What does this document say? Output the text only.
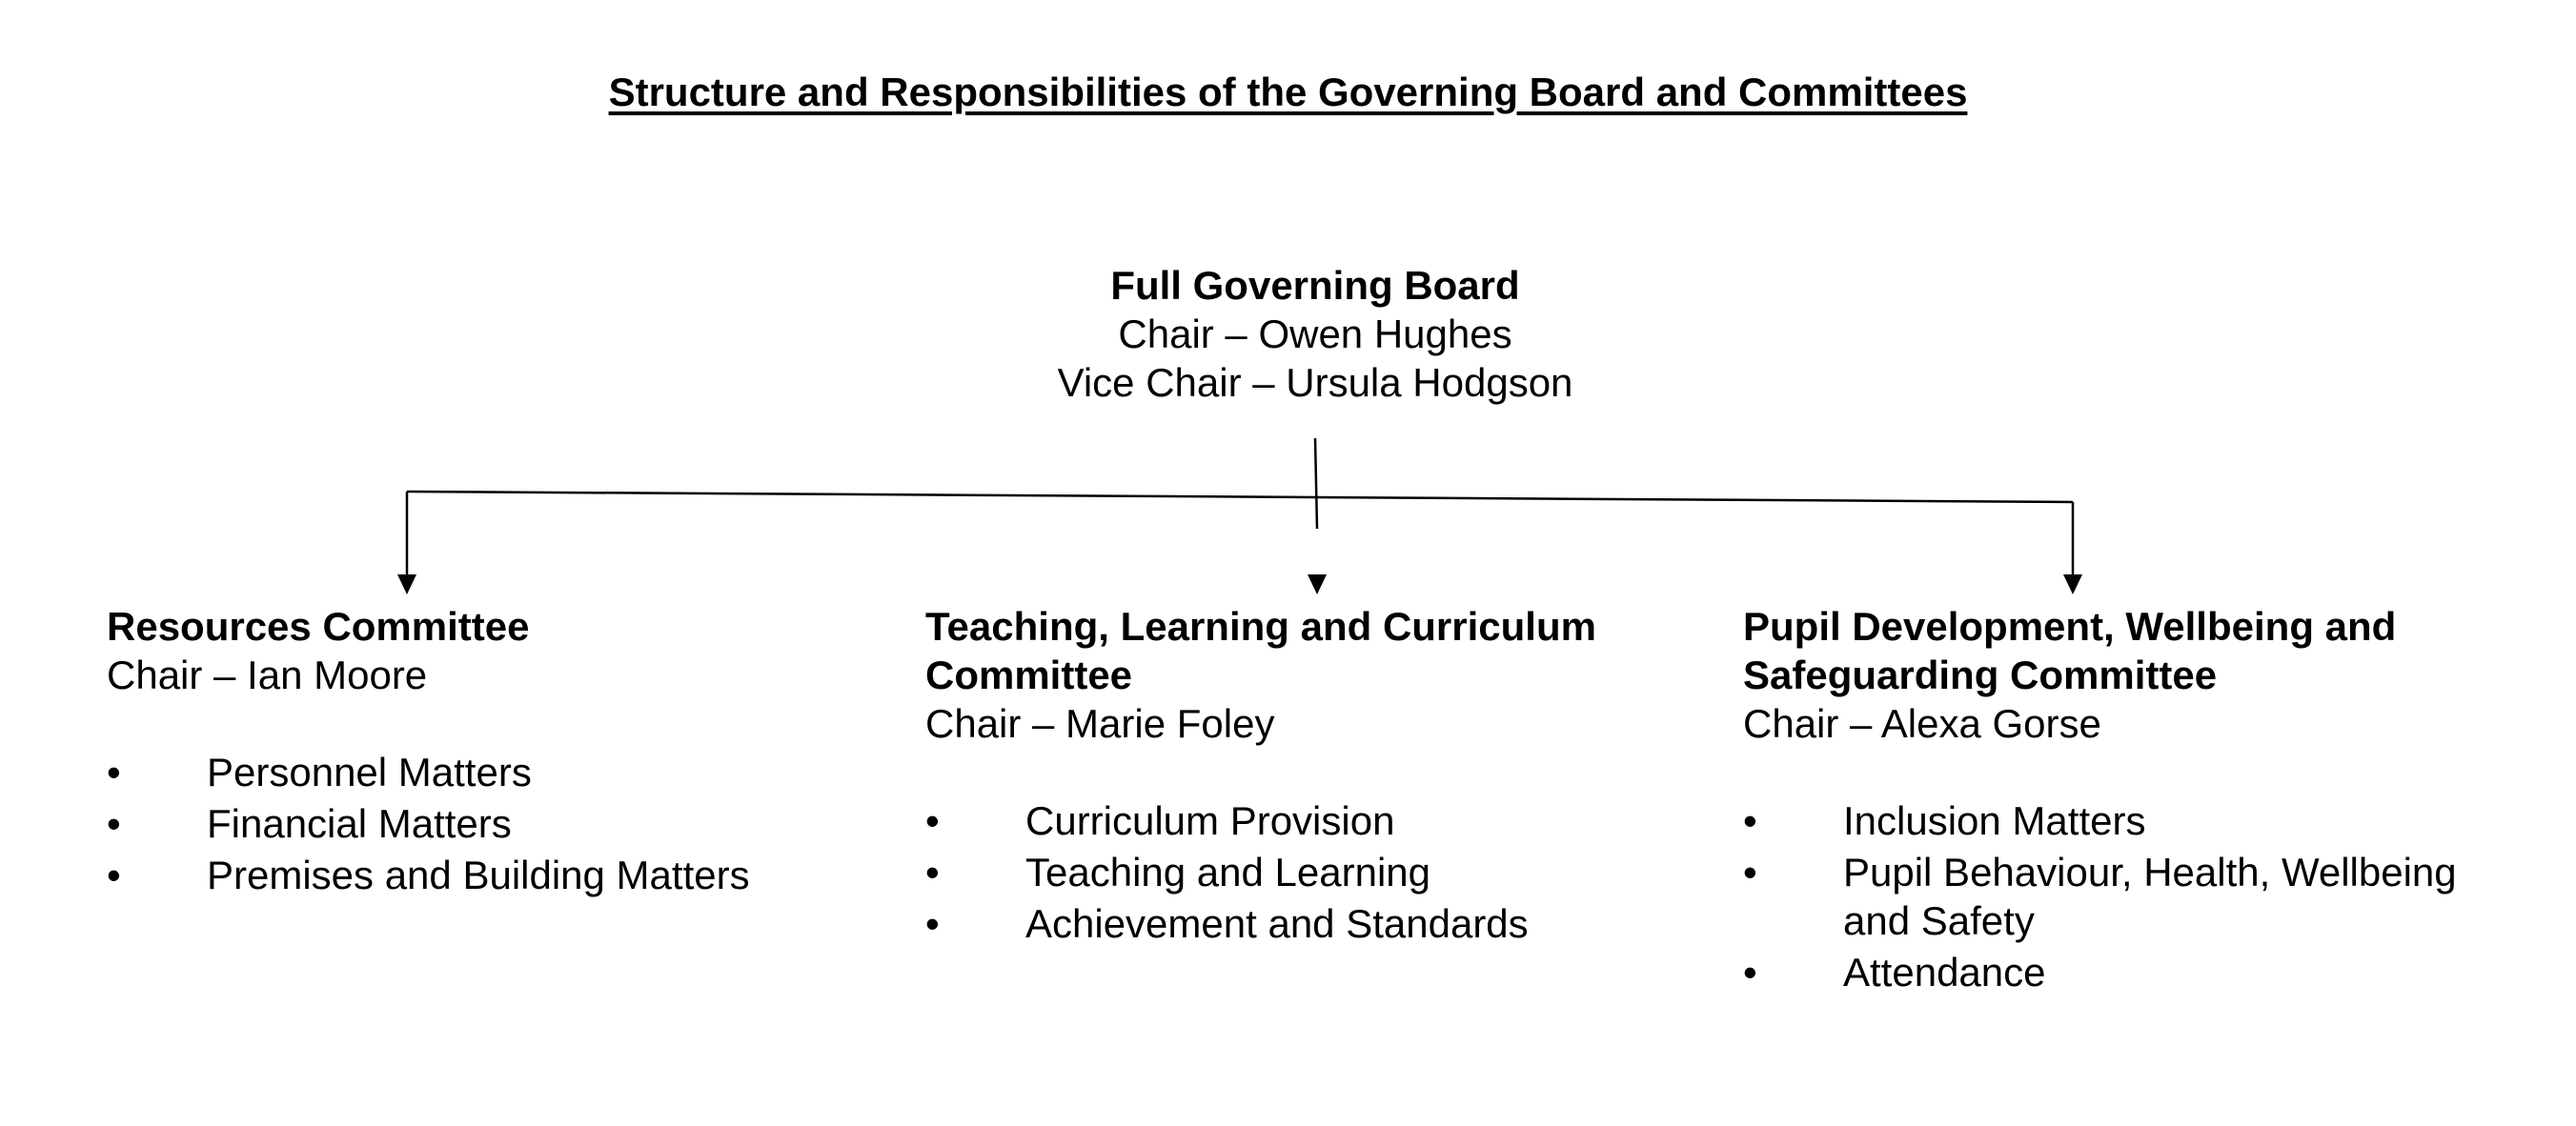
Structure and Responsibilities of the Governing Board and Committees
Full Governing Board
Chair – Owen Hughes
Vice Chair – Ursula Hodgson
Resources Committee
Chair – Ian Moore
•	Personnel Matters
•	Financial Matters
•	Premises and Building Matters
Teaching, Learning and Curriculum Committee
Chair – Marie Foley
•	Curriculum Provision
•	Teaching and Learning
•	Achievement and Standards
Pupil Development, Wellbeing and Safeguarding Committee
Chair – Alexa Gorse
•	Inclusion Matters
•	Pupil Behaviour, Health, Wellbeing and Safety
•	Attendance
